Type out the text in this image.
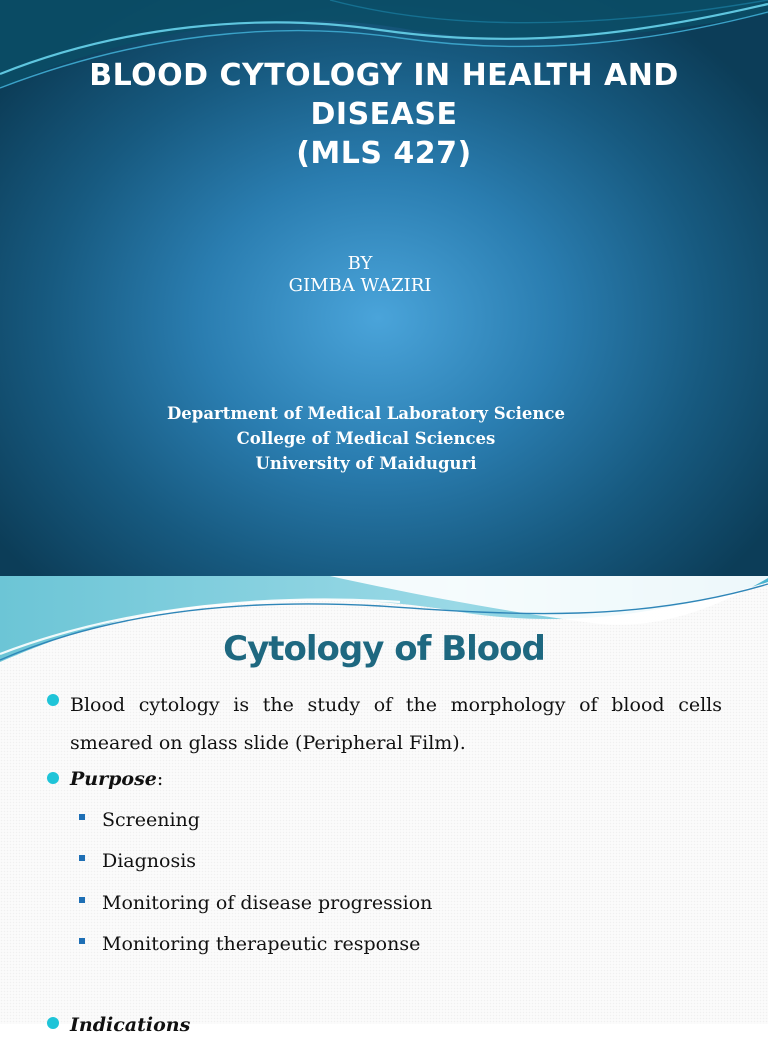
BLOOD CYTOLOGY IN HEALTH AND
DISEASE
(MLS 427)
BY
GIMBA WAZIRI
Department of Medical Laboratory Science
College of Medical Sciences
University of Maiduguri
Cytology of Blood
Blood cytology is the study of the morphology of blood cells smeared on glass slide (Peripheral Film).
Purpose:
Screening
Diagnosis
Monitoring of disease progression
Monitoring therapeutic response
Indications
